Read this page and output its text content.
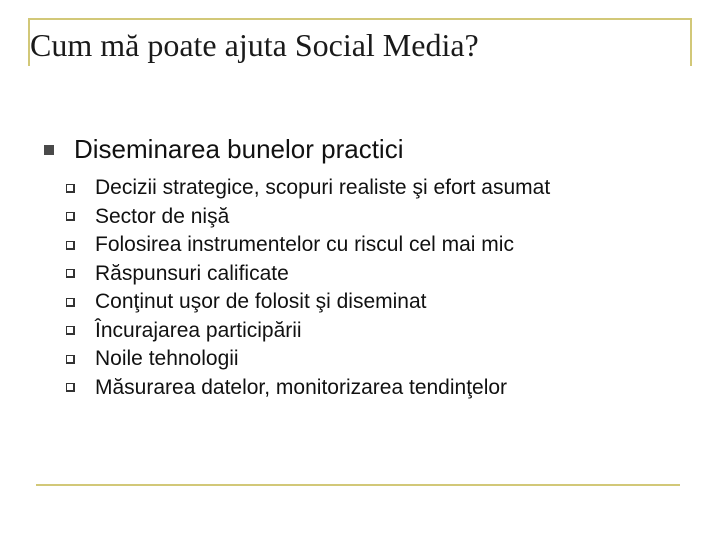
Cum mă poate ajuta Social Media?
Diseminarea bunelor practici
Decizii strategice, scopuri realiste şi efort asumat
Sector de nişă
Folosirea instrumentelor cu riscul cel mai mic
Răspunsuri calificate
Conţinut uşor de folosit şi diseminat
Încurajarea participării
Noile tehnologii
Măsurarea datelor, monitorizarea tendinţelor
